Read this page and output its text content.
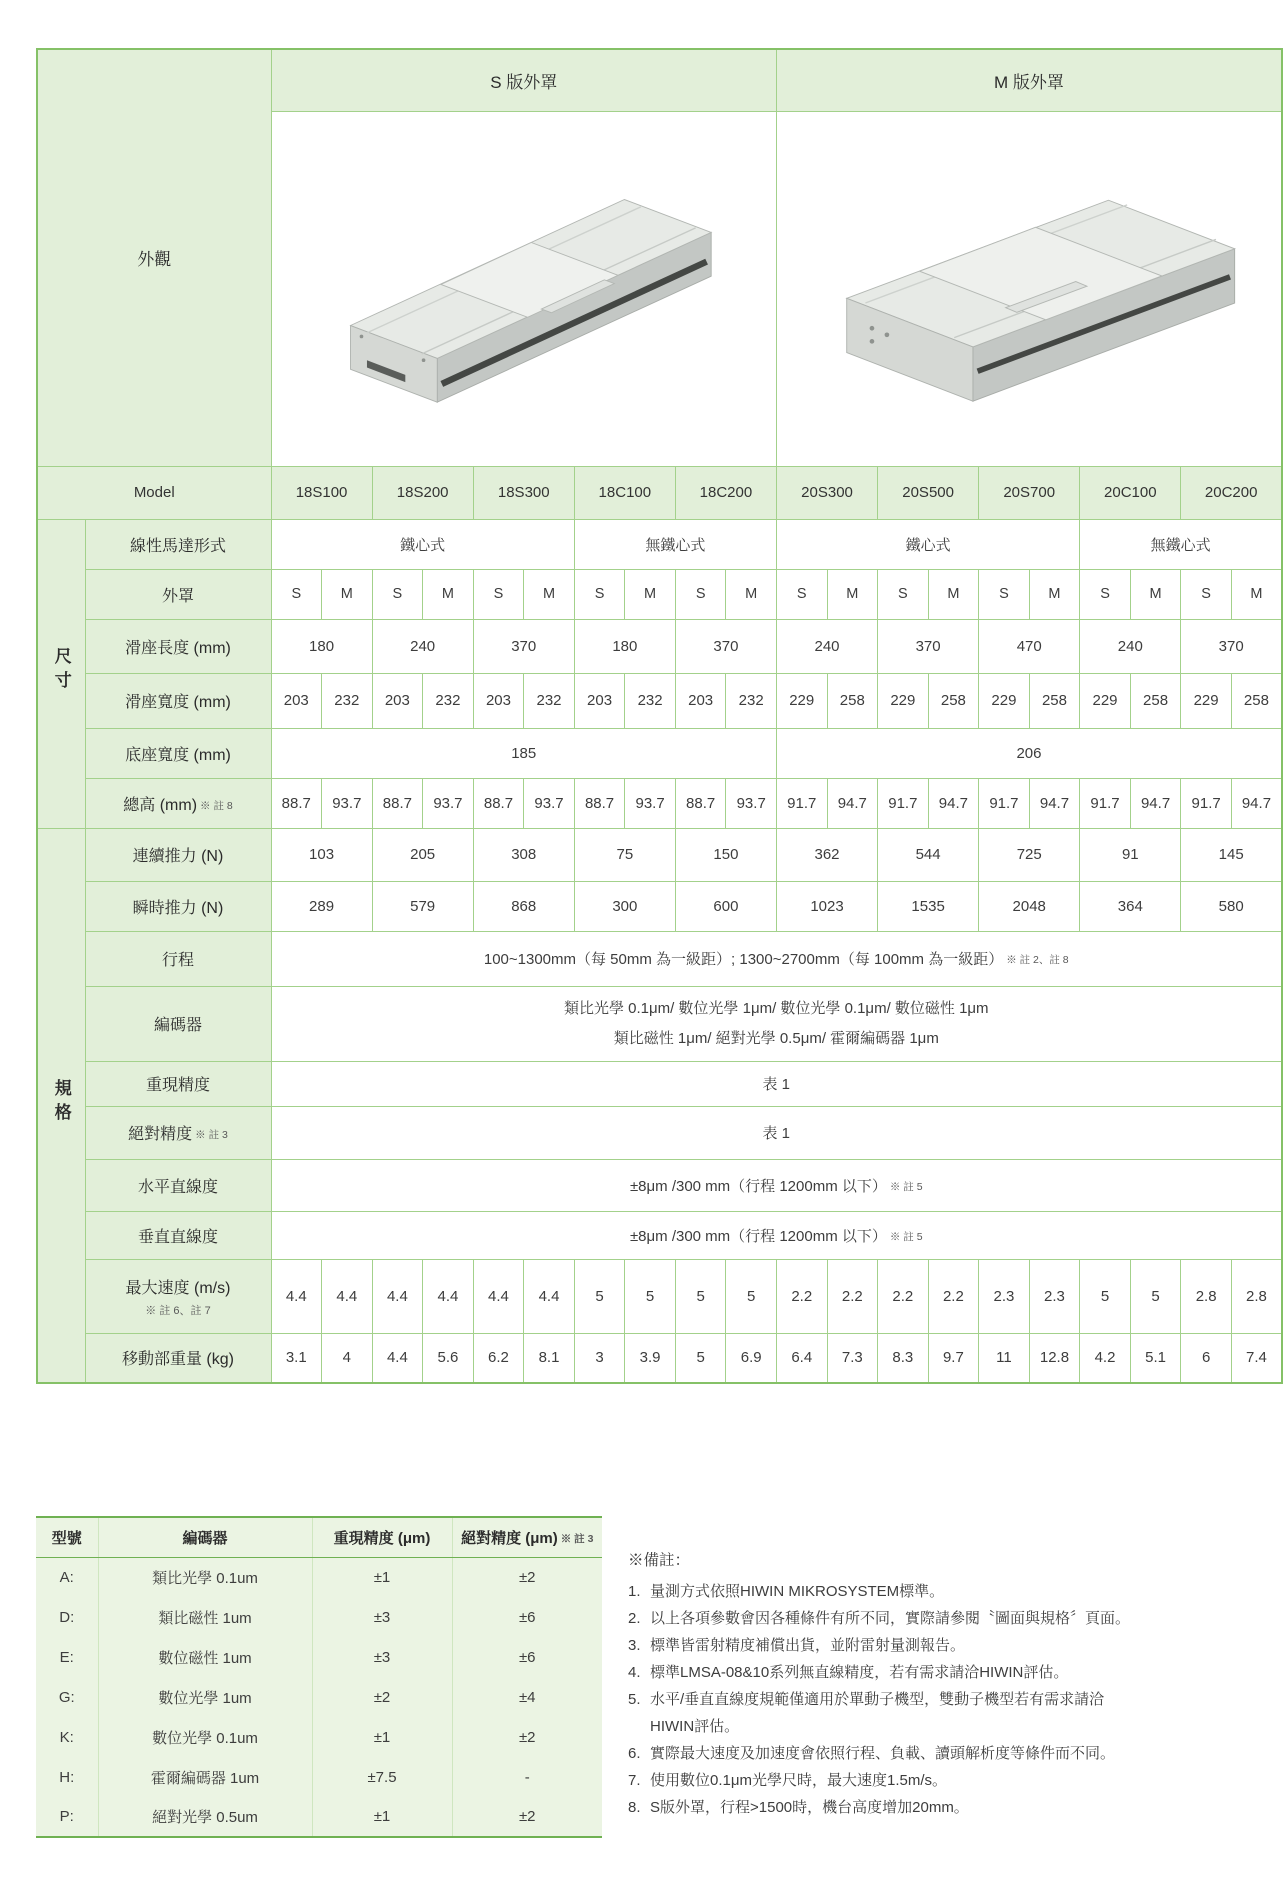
外觀		S 版外罩										M 版外罩									

Model		18S100		18S200		18S300		18C100		18C200		20S300		20S500		20S700		20C100		20C200	
尺寸	線性馬達形式	鐵心式						無鐵心式				鐵心式						無鐵心式			
	外罩	S	M	S	M	S	M	S	M	S	M	S	M	S	M	S	M	S	M	S	M
	滑座長度 (mm)	180		240		370		180		370		240		370		470		240		370	
	滑座寬度 (mm)	203	232	203	232	203	232	203	232	203	232	229	258	229	258	229	258	229	258	229	258
	底座寬度 (mm)	185										206									
	總高 (mm) ※ 註 8	88.7	93.7	88.7	93.7	88.7	93.7	88.7	93.7	88.7	93.7	91.7	94.7	91.7	94.7	91.7	94.7	91.7	94.7	91.7	94.7
規格	連續推力 (N)	103		205		308		75		150		362		544		725		91		145	
	瞬時推力 (N)	289		579		868		300		600		1023		1535		2048		364		580	
	行程	100~1300mm（每 50mm 為一級距）; 1300~2700mm（每 100mm 為一級距） ※ 註 2、註 8																			
	編碼器	類比光學 0.1μm/ 數位光學 1μm/ 數位光學 0.1μm/ 數位磁性 1μm
類比磁性 1μm/ 絕對光學 0.5μm/ 霍爾編碼器 1μm																			

	重現精度	表 1																			
	絕對精度 ※ 註 3	表 1																			
	水平直線度	±8μm /300 mm（行程 1200mm 以下） ※ 註 5																			
	垂直直線度	±8μm /300 mm（行程 1200mm 以下） ※ 註 5																			

	最大速度 (m/s)
※ 註 6、註 7	4.4	4.4	4.4	4.4	4.4	4.4	5	5	5	5	2.2	2.2	2.2	2.2	2.3	2.3	5	5	2.8	2.8
	移動部重量 (kg)	3.1	4	4.4	5.6	6.2	8.1	3	3.9	5	6.9	6.4	7.3	8.3	9.7	11	12.8	4.2	5.1	6	7.4
型號	編碼器	重現精度 (μm)	絕對精度 (μm) ※ 註 3
A:	類比光學 0.1um	±1	±2
D:	類比磁性 1um	±3	±6
E:	數位磁性 1um	±3	±6
G:	數位光學 1um	±2	±4
K:	數位光學 0.1um	±1	±2
H:	霍爾編碼器 1um	±7.5	-
P:	絕對光學 0.5um	±1	±2
※備註：
1. 量測方式依照HIWIN MIKROSYSTEM標準。
2. 以上各項參數會因各種條件有所不同，實際請參閱〝圖面與規格〞頁面。
3. 標準皆雷射精度補償出貨，並附雷射量測報告。
4. 標準LMSA-08&10系列無直線精度，若有需求請洽HIWIN評估。
5. 水平/垂直直線度規範僅適用於單動子機型，雙動子機型若有需求請洽
HIWIN評估。
6. 實際最大速度及加速度會依照行程、負載、讀頭解析度等條件而不同。
7. 使用數位0.1μm光學尺時，最大速度1.5m/s。
8. S版外罩，行程>1500時，機台高度增加20mm。
